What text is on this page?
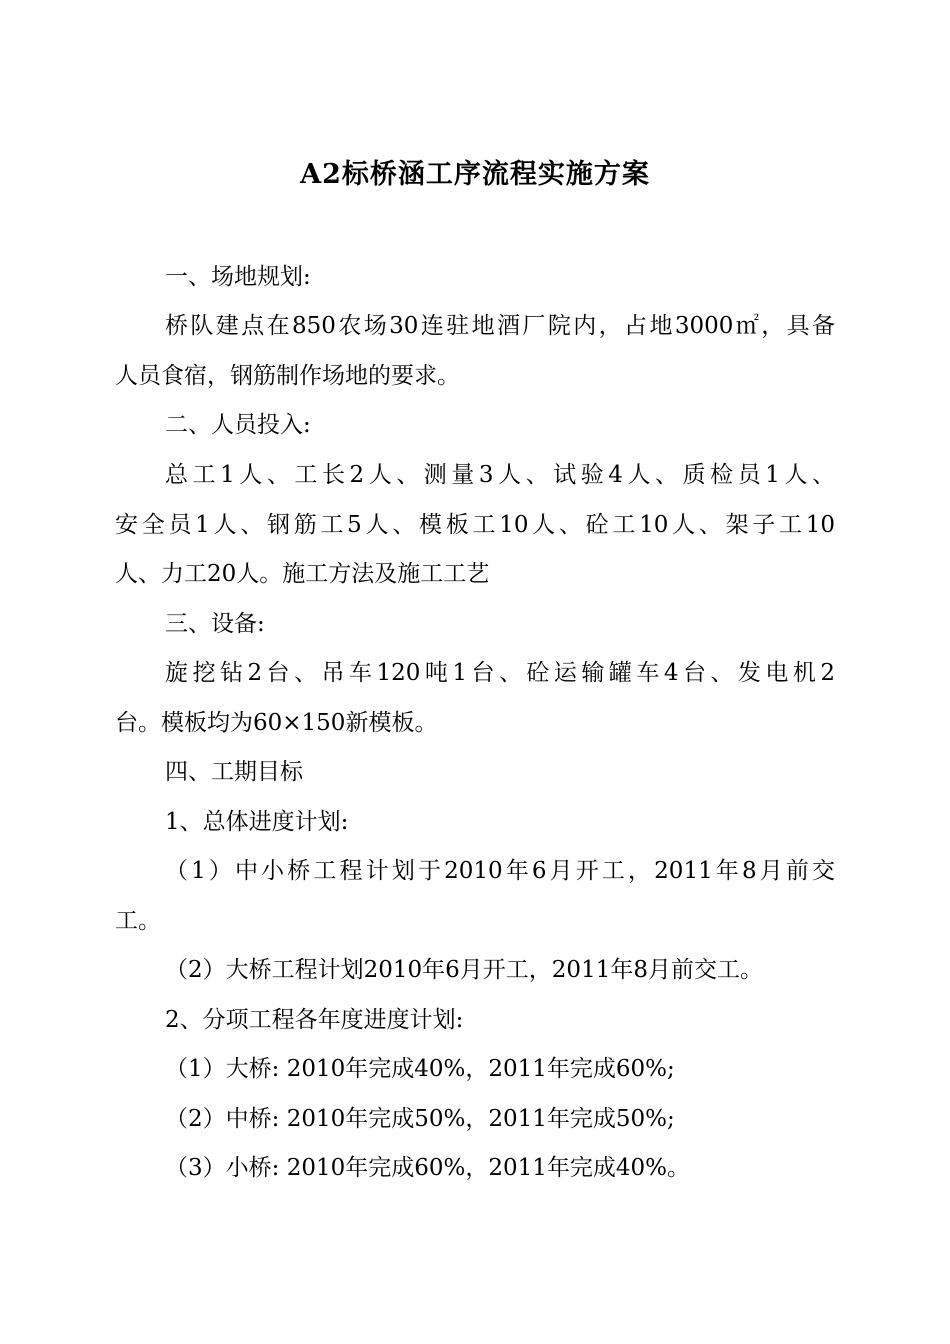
A2标桥涵工序流程实施方案
一、场地规划:
桥队建点在850农场30连驻地酒厂院内，占地3000㎡，具备
人员食宿，钢筋制作场地的要求。
二、人员投入:
总工1人、工长2人、测量3人、试验4人、质检员1人、
安全员1人、钢筋工5人、模板工10人、砼工10人、架子工10
人、力工20人。施工方法及施工工艺
三、设备:
旋挖钻2台、吊车120吨1台、砼运输罐车4台、发电机2
台。模板均为60×150新模板。
四、工期目标
1、总体进度计划:
（1）中小桥工程计划于2010年6月开工，2011年8月前交
工。
（2）大桥工程计划2010年6月开工，2011年8月前交工。
2、分项工程各年度进度计划:
（1）大桥: 2010年完成40%，2011年完成60%;
（2）中桥: 2010年完成50%，2011年完成50%;
（3）小桥: 2010年完成60%，2011年完成40%。
